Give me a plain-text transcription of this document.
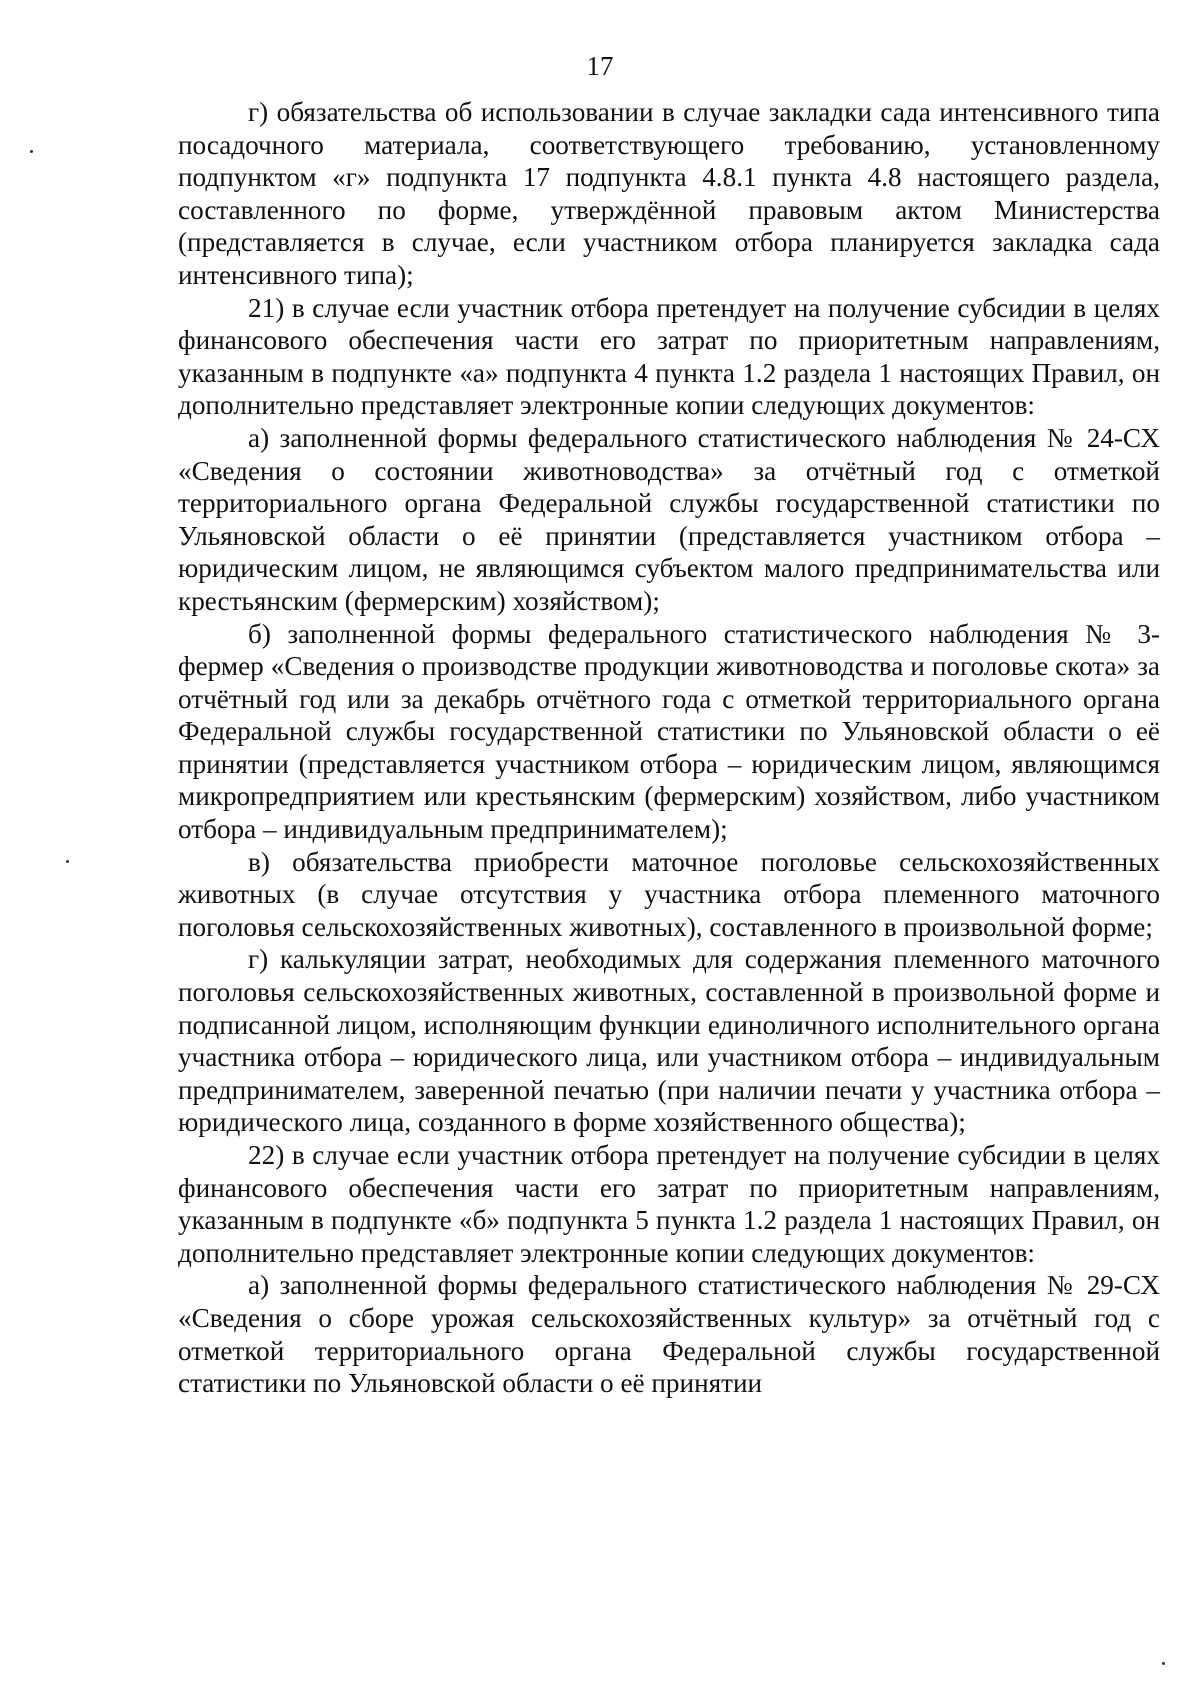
17

г) обязательства об использовании в случае закладки сада интенсивного типа посадочного материала, соответствующего требованию, установленному подпунктом «г» подпункта 17 подпункта 4.8.1 пункта 4.8 настоящего раздела, составленного по форме, утверждённой правовым актом Министерства (представляется в случае, если участником отбора планируется закладка сада интенсивного типа);

21) в случае если участник отбора претендует на получение субсидии в целях финансового обеспечения части его затрат по приоритетным направлениям, указанным в подпункте «а» подпункта 4 пункта 1.2 раздела 1 настоящих Правил, он дополнительно представляет электронные копии следующих документов:

а) заполненной формы федерального статистического наблюдения № 24-СХ «Сведения о состоянии животноводства» за отчётный год с отметкой территориального органа Федеральной службы государственной статистики по Ульяновской области о её принятии (представляется участником отбора – юридическим лицом, не являющимся субъектом малого предпринимательства или крестьянским (фермерским) хозяйством);

б) заполненной формы федерального статистического наблюдения № 3-фермер «Сведения о производстве продукции животноводства и поголовье скота» за отчётный год или за декабрь отчётного года с отметкой территориального органа Федеральной службы государственной статистики по Ульяновской области о её принятии (представляется участником отбора – юридическим лицом, являющимся микропредприятием или крестьянским (фермерским) хозяйством, либо участником отбора – индивидуальным предпринимателем);

в) обязательства приобрести маточное поголовье сельскохозяйственных животных (в случае отсутствия у участника отбора племенного маточного поголовья сельскохозяйственных животных), составленного в произвольной форме;

г) калькуляции затрат, необходимых для содержания племенного маточного поголовья сельскохозяйственных животных, составленной в произвольной форме и подписанной лицом, исполняющим функции единоличного исполнительного органа участника отбора – юридического лица, или участником отбора – индивидуальным предпринимателем, заверенной печатью (при наличии печати у участника отбора – юридического лица, созданного в форме хозяйственного общества);

22) в случае если участник отбора претендует на получение субсидии в целях финансового обеспечения части его затрат по приоритетным направлениям, указанным в подпункте «б» подпункта 5 пункта 1.2 раздела 1 настоящих Правил, он дополнительно представляет электронные копии следующих документов:

а) заполненной формы федерального статистического наблюдения № 29-СХ «Сведения о сборе урожая сельскохозяйственных культур» за отчётный год с отметкой территориального органа Федеральной службы государственной статистики по Ульяновской области о её принятии
